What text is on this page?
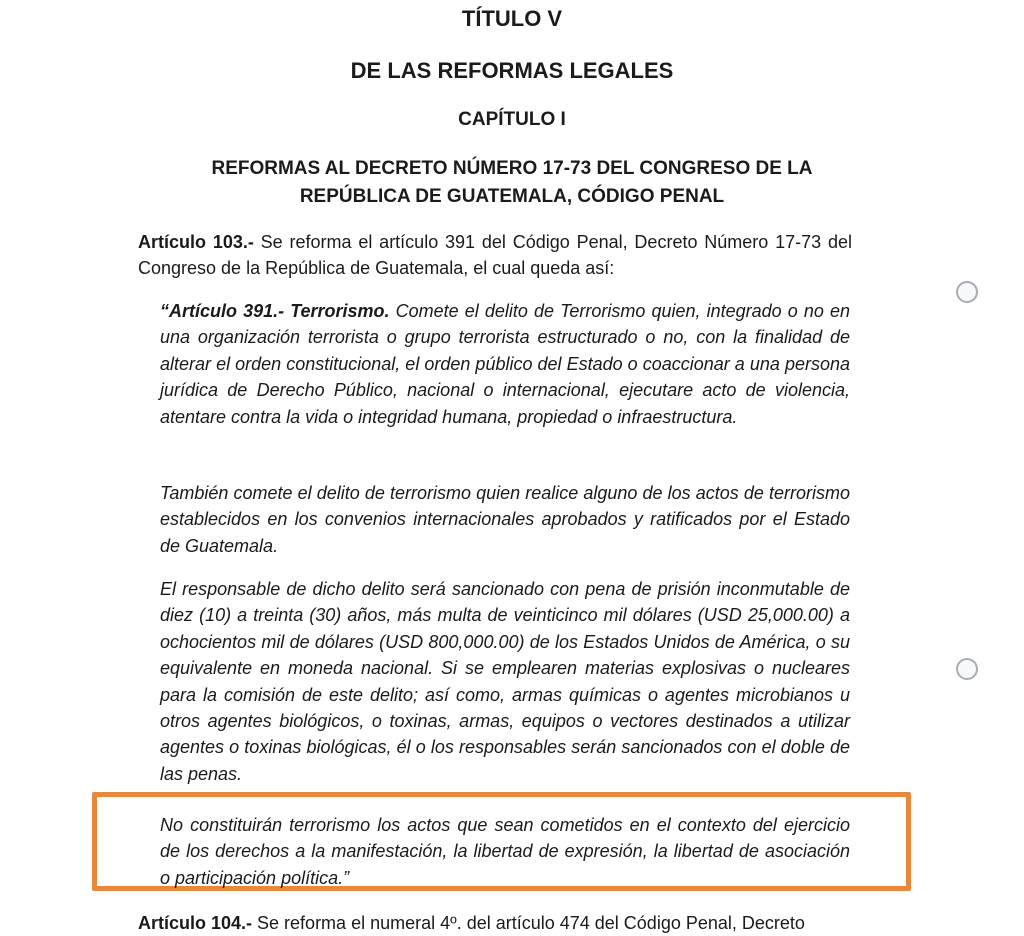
TÍTULO V
DE LAS REFORMAS LEGALES
CAPÍTULO I
REFORMAS AL DECRETO NÚMERO 17-73 DEL CONGRESO DE LA
REPÚBLICA DE GUATEMALA, CÓDIGO PENAL

Artículo 103.- Se reforma el artículo 391 del Código Penal, Decreto Número 17-73 del Congreso de la República de Guatemala, el cual queda así:

“Artículo 391.- Terrorismo. Comete el delito de Terrorismo quien, integrado o no en una organización terrorista o grupo terrorista estructurado o no, con la finalidad de alterar el orden constitucional, el orden público del Estado o coaccionar a una persona jurídica de Derecho Público, nacional o internacional, ejecutare acto de violencia, atentare contra la vida o integridad humana, propiedad o infraestructura.

También comete el delito de terrorismo quien realice alguno de los actos de terrorismo establecidos en los convenios internacionales aprobados y ratificados por el Estado de Guatemala.

El responsable de dicho delito será sancionado con pena de prisión inconmutable de diez (10) a treinta (30) años, más multa de veinticinco mil dólares (USD 25,000.00) a ochocientos mil de dólares (USD 800,000.00) de los Estados Unidos de América, o su equivalente en moneda nacional. Si se emplearen materias explosivas o nucleares para la comisión de este delito; así como, armas químicas o agentes microbianos u otros agentes biológicos, o toxinas, armas, equipos o vectores destinados a utilizar agentes o toxinas biológicas, él o los responsables serán sancionados con el doble de las penas.

No constituirán terrorismo los actos que sean cometidos en el contexto del ejercicio de los derechos a la manifestación, la libertad de expresión, la libertad de asociación o participación política.”

Artículo 104.- Se reforma el numeral 4º. del artículo 474 del Código Penal, Decreto
